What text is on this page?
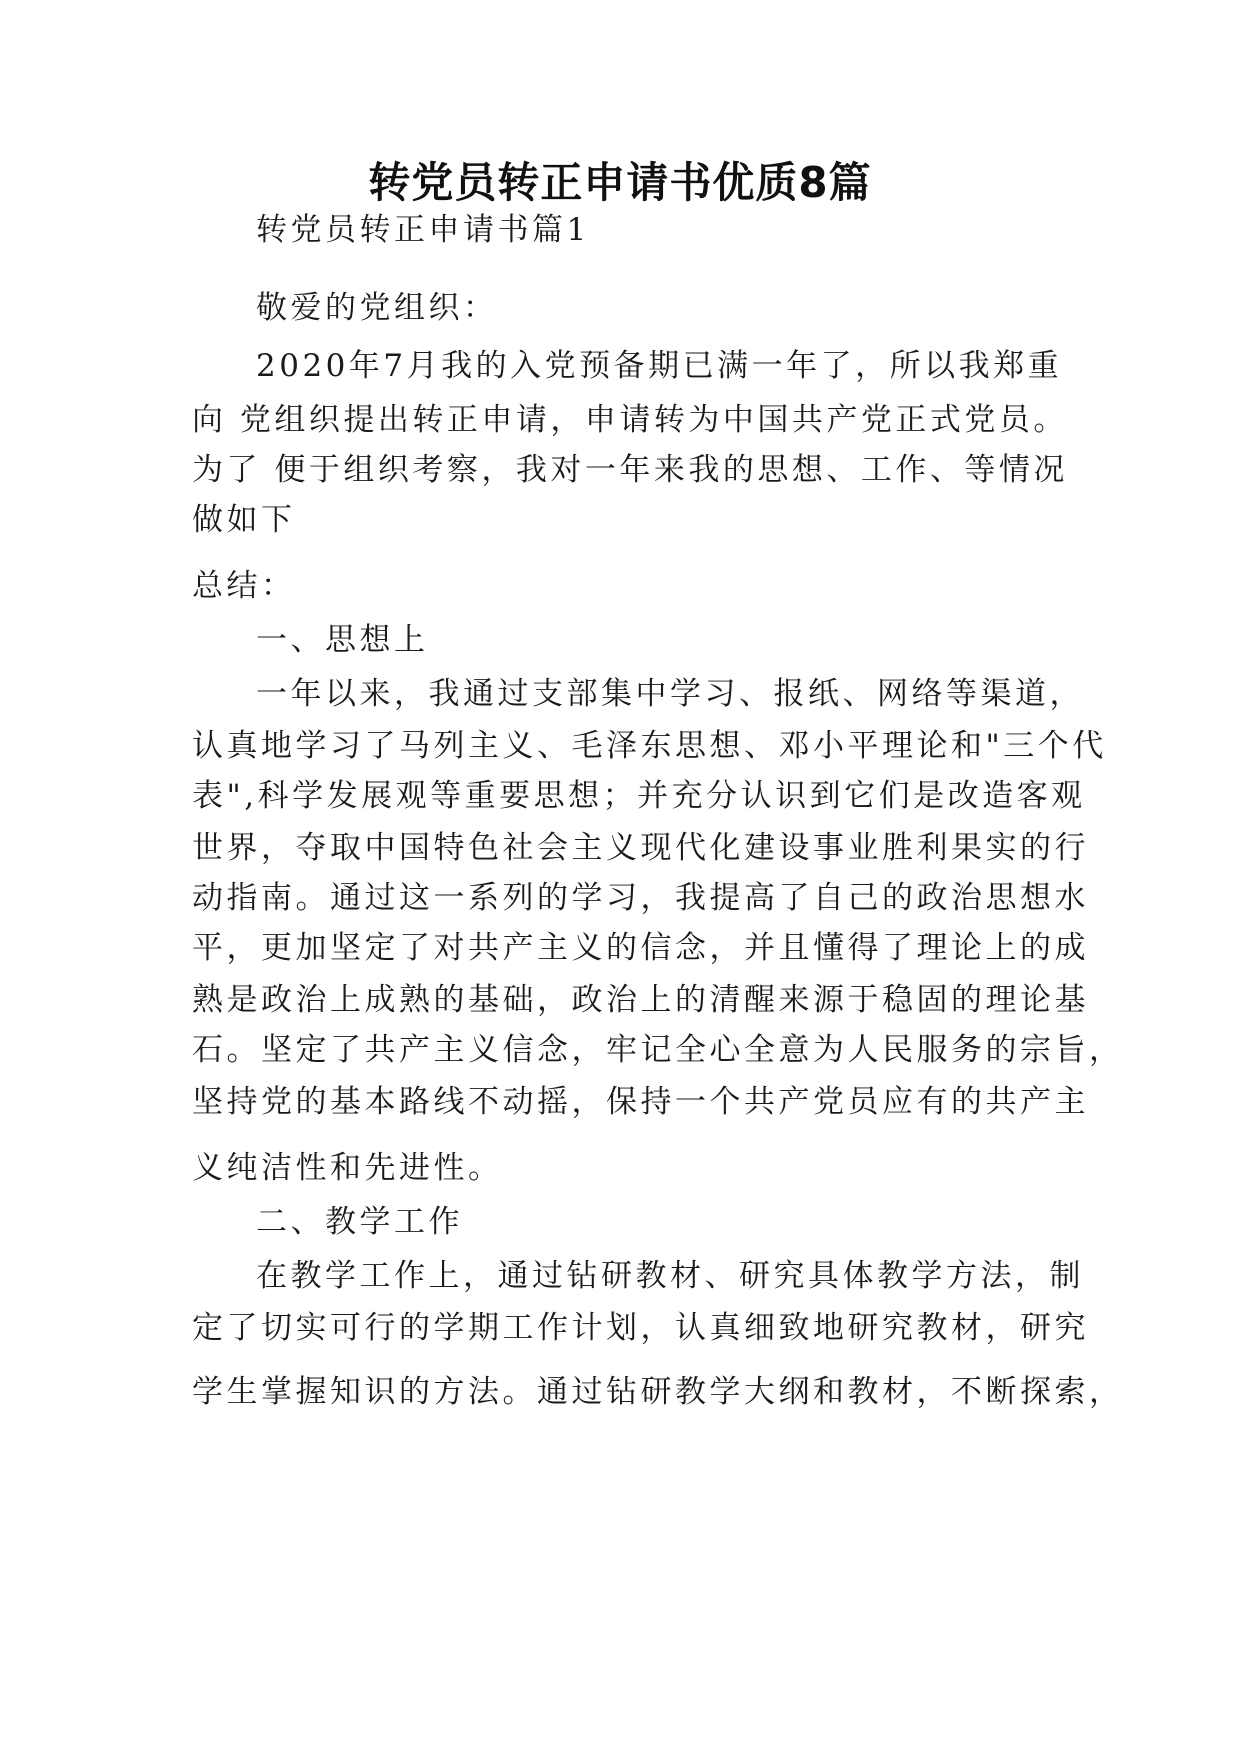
转党员转正申请书优质8篇
转党员转正申请书篇1
敬爱的党组织：
2020年7月我的入党预备期已满一年了，所以我郑重
向 党组织提出转正申请，申请转为中国共产党正式党员。
为了 便于组织考察，我对一年来我的思想、工作、等情况
做如下
总结：
一、思想上
一年以来，我通过支部集中学习、报纸、网络等渠道，
认真地学习了马列主义、毛泽东思想、邓小平理论和"三个代
表",科学发展观等重要思想；并充分认识到它们是改造客观
世界，夺取中国特色社会主义现代化建设事业胜利果实的行
动指南。通过这一系列的学习，我提高了自己的政治思想水
平，更加坚定了对共产主义的信念，并且懂得了理论上的成
熟是政治上成熟的基础，政治上的清醒来源于稳固的理论基
石。坚定了共产主义信念，牢记全心全意为人民服务的宗旨，
坚持党的基本路线不动摇，保持一个共产党员应有的共产主
义纯洁性和先进性。
二、教学工作
在教学工作上，通过钻研教材、研究具体教学方法，制
定了切实可行的学期工作计划，认真细致地研究教材，研究
学生掌握知识的方法。通过钻研教学大纲和教材，不断探索，
